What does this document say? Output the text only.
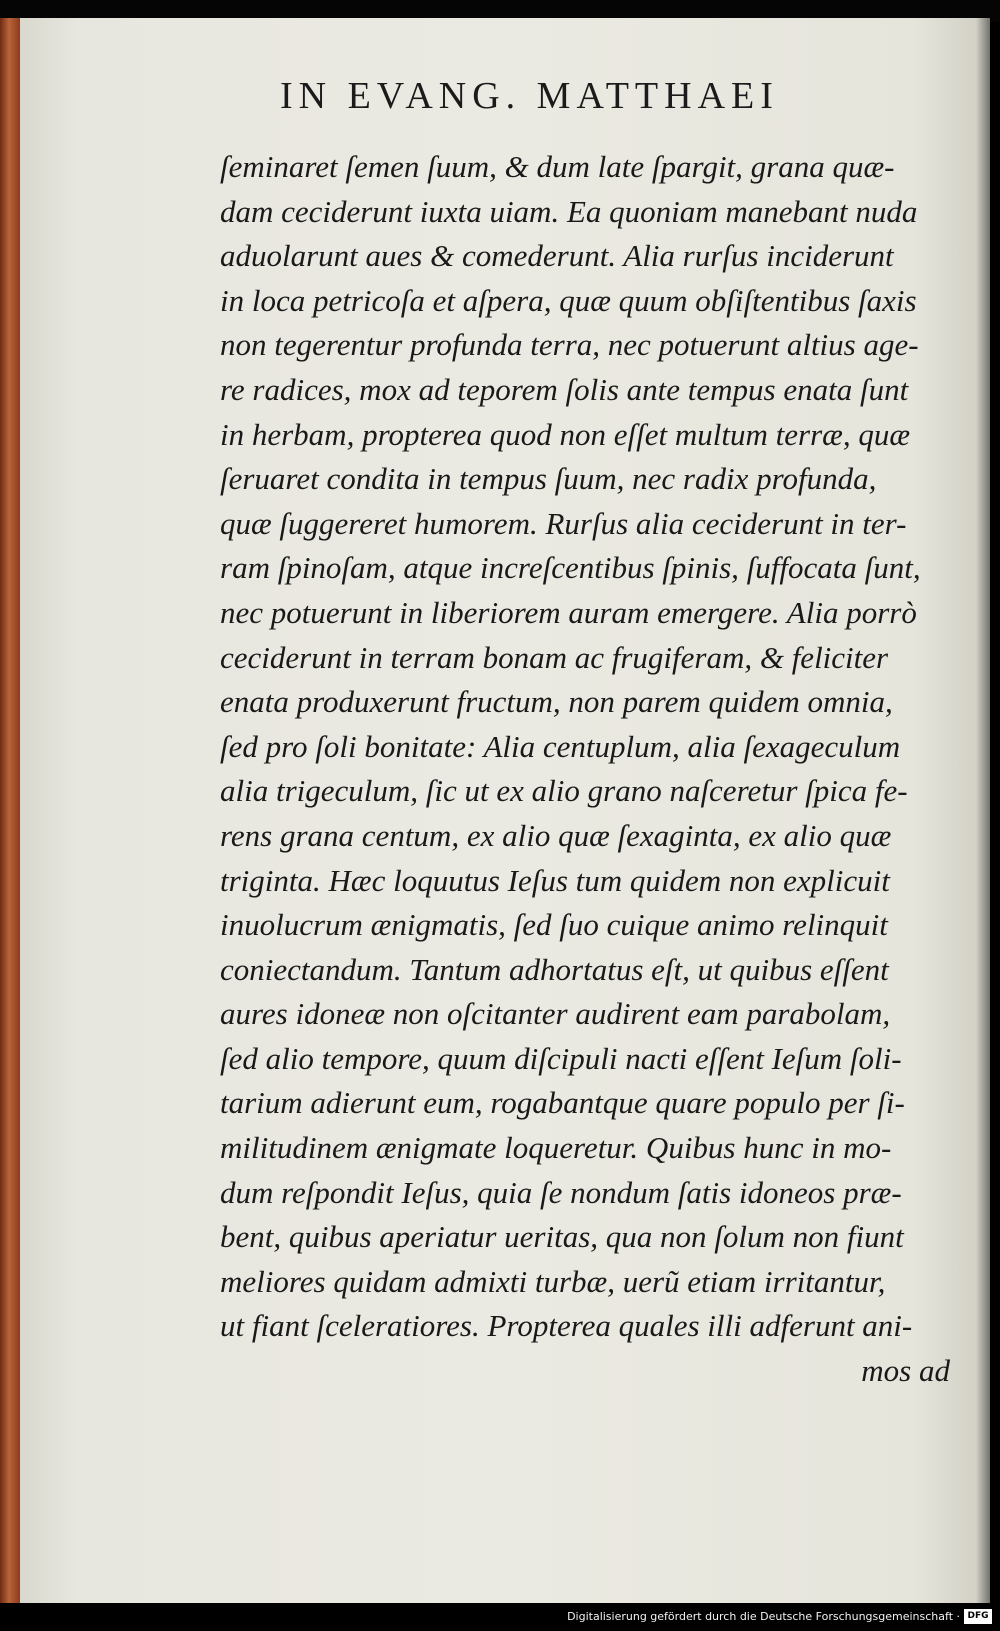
IN EVANG. MATTHAEI
ſeminaret ſemen ſuum, & dum late ſpargit, grana quæ-
dam ceciderunt iuxta uiam. Ea quoniam manebant nuda
aduolarunt aues & comederunt. Alia rurſus inciderunt
in loca petricoſa et aſpera, quæ quum obſiſtentibus ſaxis
non tegerentur profunda terra, nec potuerunt altius age-
re radices, mox ad teporem ſolis ante tempus enata ſunt
in herbam, propterea quod non eſſet multum terræ, quæ
ſeruaret condita in tempus ſuum, nec radix profunda,
quæ ſuggereret humorem. Rurſus alia ceciderunt in ter-
ram ſpinoſam, atque increſcentibus ſpinis, ſuffocata ſunt,
nec potuerunt in liberiorem auram emergere. Alia porrò
ceciderunt in terram bonam ac frugiferam, & feliciter
enata produxerunt fructum, non parem quidem omnia,
ſed pro ſoli bonitate: Alia centuplum, alia ſexageculum
alia trigeculum, ſic ut ex alio grano naſceretur ſpica fe-
rens grana centum, ex alio quæ ſexaginta, ex alio quæ
triginta. Hæc loquutus Ieſus tum quidem non explicuit
inuolucrum ænigmatis, ſed ſuo cuique animo relinquit
coniectandum. Tantum adhortatus eſt, ut quibus eſſent
aures idoneæ non oſcitanter audirent eam parabolam,
ſed alio tempore, quum diſcipuli nacti eſſent Ieſum ſoli-
tarium adierunt eum, rogabantque quare populo per ſi-
militudinem ænigmate loqueretur. Quibus hunc in mo-
dum reſpondit Ieſus, quia ſe nondum ſatis idoneos præ-
bent, quibus aperiatur ueritas, qua non ſolum non fiunt
meliores quidam admixti turbæ, uerũ etiam irritantur,
ut fiant ſceleratiores. Propterea quales illi adferunt ani-
mos ad
Digitalisierung gefördert durch die Deutsche Forschungsgemeinschaft · DFG
